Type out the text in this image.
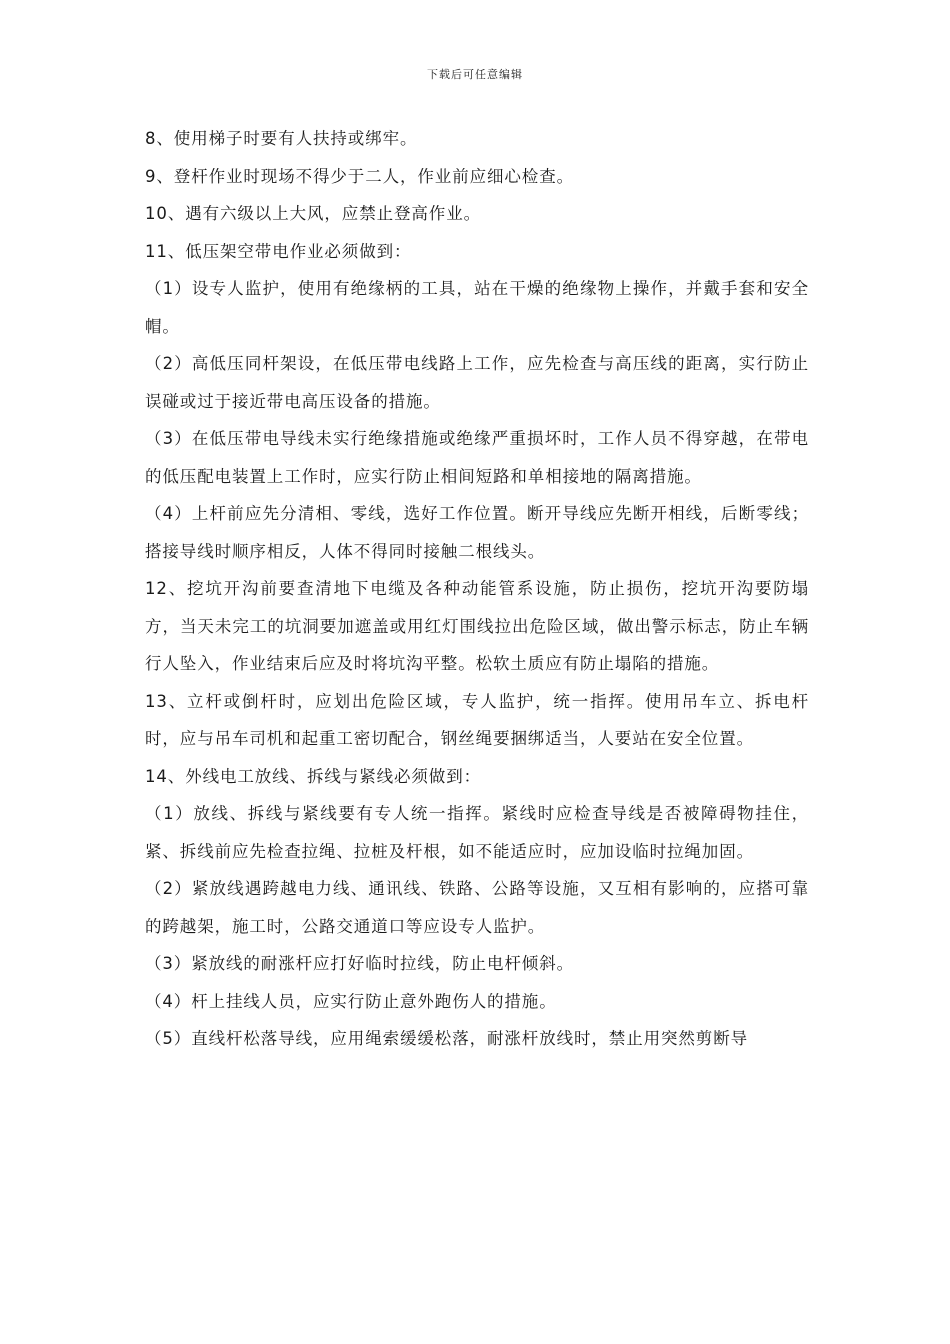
下载后可任意编辑

8、使用梯子时要有人扶持或绑牢。

9、登杆作业时现场不得少于二人，作业前应细心检查。

10、遇有六级以上大风，应禁止登高作业。

11、低压架空带电作业必须做到：

（1）设专人监护，使用有绝缘柄的工具，站在干燥的绝缘物上操作，并戴手套和安全帽。

（2）高低压同杆架设，在低压带电线路上工作，应先检查与高压线的距离，实行防止误碰或过于接近带电高压设备的措施。

（3）在低压带电导线未实行绝缘措施或绝缘严重损坏时，工作人员不得穿越，在带电的低压配电装置上工作时，应实行防止相间短路和单相接地的隔离措施。

（4）上杆前应先分清相、零线，选好工作位置。断开导线应先断开相线，后断零线；搭接导线时顺序相反，人体不得同时接触二根线头。

12、挖坑开沟前要查清地下电缆及各种动能管系设施，防止损伤，挖坑开沟要防塌方，当天未完工的坑洞要加遮盖或用红灯围线拉出危险区域，做出警示标志，防止车辆行人坠入，作业结束后应及时将坑沟平整。松软土质应有防止塌陷的措施。

13、立杆或倒杆时，应划出危险区域，专人监护，统一指挥。使用吊车立、拆电杆时，应与吊车司机和起重工密切配合，钢丝绳要捆绑适当，人要站在安全位置。

14、外线电工放线、拆线与紧线必须做到：

（1）放线、拆线与紧线要有专人统一指挥。紧线时应检查导线是否被障碍物挂住，紧、拆线前应先检查拉绳、拉桩及杆根，如不能适应时，应加设临时拉绳加固。

（2）紧放线遇跨越电力线、通讯线、铁路、公路等设施，又互相有影响的，应搭可靠的跨越架，施工时，公路交通道口等应设专人监护。

（3）紧放线的耐涨杆应打好临时拉线，防止电杆倾斜。

（4）杆上挂线人员，应实行防止意外跑伤人的措施。

（5）直线杆松落导线，应用绳索缓缓松落，耐涨杆放线时，禁止用突然剪断导
